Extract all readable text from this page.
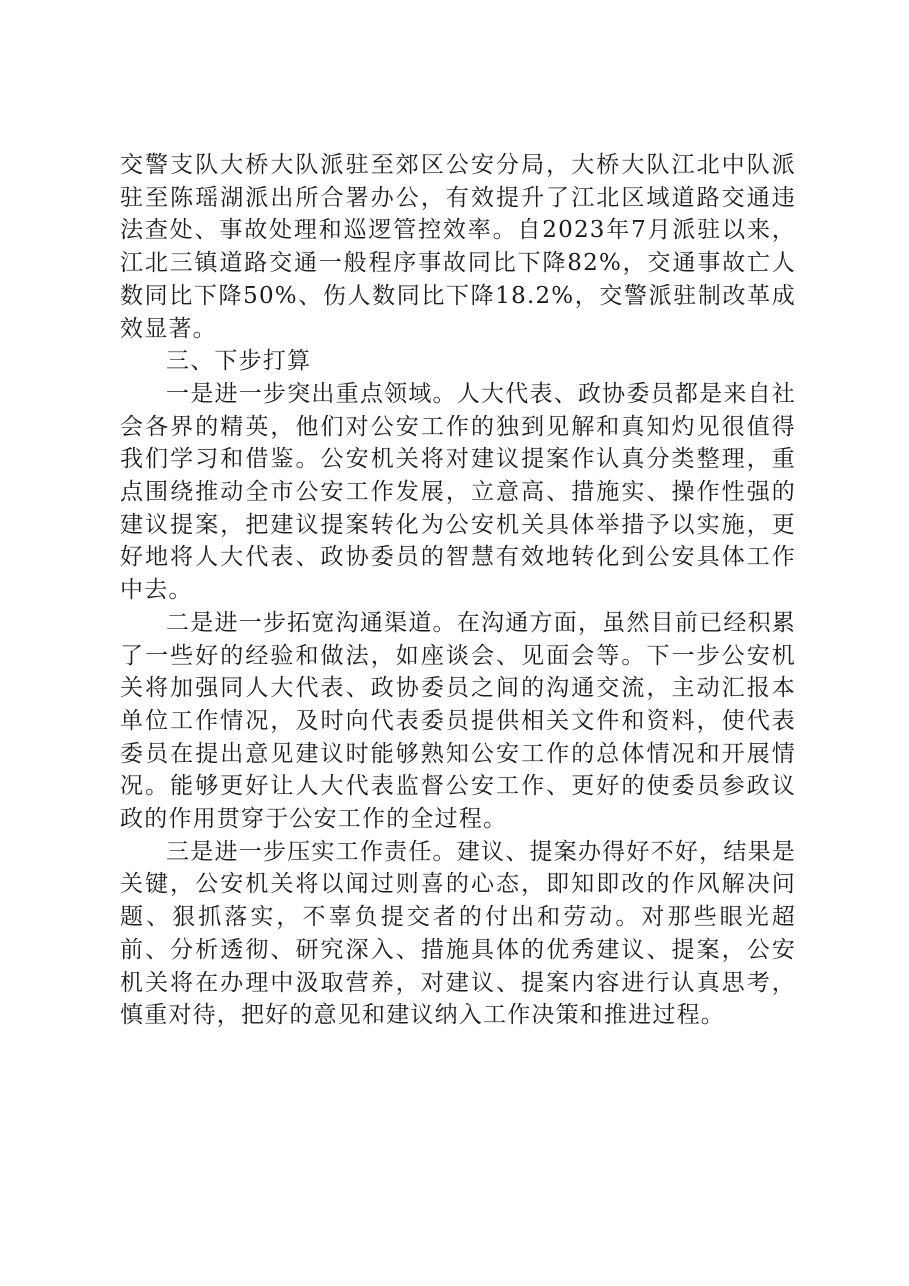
交警支队大桥大队派驻至郊区公安分局，大桥大队江北中队派驻至陈瑶湖派出所合署办公，有效提升了江北区域道路交通违法查处、事故处理和巡逻管控效率。自2023年7月派驻以来，江北三镇道路交通一般程序事故同比下降82%，交通事故亡人数同比下降50%、伤人数同比下降18.2%，交警派驻制改革成效显著。

三、下步打算

一是进一步突出重点领域。人大代表、政协委员都是来自社会各界的精英，他们对公安工作的独到见解和真知灼见很值得我们学习和借鉴。公安机关将对建议提案作认真分类整理，重点围绕推动全市公安工作发展，立意高、措施实、操作性强的建议提案，把建议提案转化为公安机关具体举措予以实施，更好地将人大代表、政协委员的智慧有效地转化到公安具体工作中去。

二是进一步拓宽沟通渠道。在沟通方面，虽然目前已经积累了一些好的经验和做法，如座谈会、见面会等。下一步公安机关将加强同人大代表、政协委员之间的沟通交流，主动汇报本单位工作情况，及时向代表委员提供相关文件和资料，使代表委员在提出意见建议时能够熟知公安工作的总体情况和开展情况。能够更好让人大代表监督公安工作、更好的使委员参政议政的作用贯穿于公安工作的全过程。

三是进一步压实工作责任。建议、提案办得好不好，结果是关键，公安机关将以闻过则喜的心态，即知即改的作风解决问题、狠抓落实，不辜负提交者的付出和劳动。对那些眼光超前、分析透彻、研究深入、措施具体的优秀建议、提案，公安机关将在办理中汲取营养，对建议、提案内容进行认真思考，慎重对待，把好的意见和建议纳入工作决策和推进过程。
